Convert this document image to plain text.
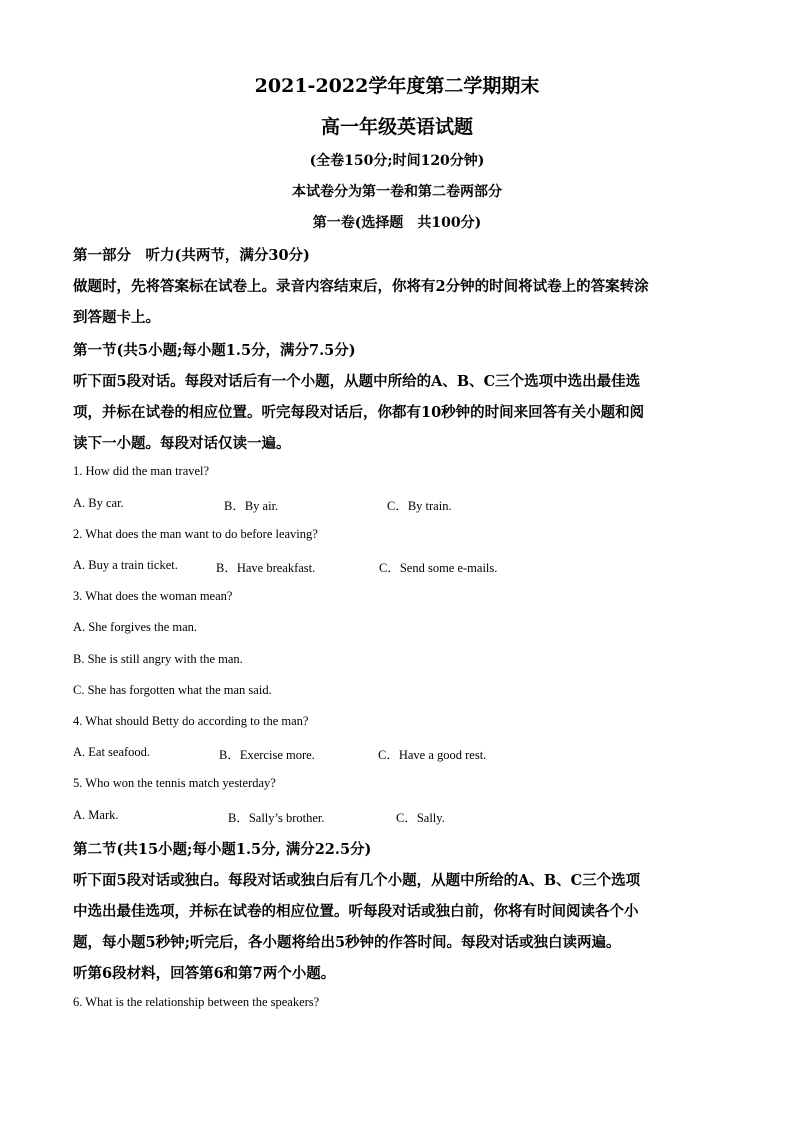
2021-2022学年度第二学期期末
高一年级英语试题
(全卷150分;时间120分钟)
本试卷分为第一卷和第二卷两部分
第一卷(选择题　共100分)
第一部分　听力(共两节，满分30分)
做题时，先将答案标在试卷上。录音内容结束后，你将有2分钟的时间将试卷上的答案转涂
到答题卡上。
第一节(共5小题;每小题1.5分，满分7.5分)
听下面5段对话。每段对话后有一个小题，从题中所给的A、B、C三个选项中选出最佳选
项，并标在试卷的相应位置。听完每段对话后，你都有10秒钟的时间来回答有关小题和阅
读下一小题。每段对话仅读一遍。
1. How did the man travel?
A. By car.	B．By air.	C．By train.
2. What does the man want to do before leaving?
A. Buy a train ticket.	B．Have breakfast.	C．Send some e-mails.
3. What does the woman mean?
A. She forgives the man.
B. She is still angry with the man.
C. She has forgotten what the man said.
4. What should Betty do according to the man?
A. Eat seafood.	B．Exercise more.	C．Have a good rest.
5. Who won the tennis match yesterday?
A. Mark.	B．Sally’s brother.	C．Sally.
第二节(共15小题;每小题1.5分, 满分22.5分)
听下面5段对话或独白。每段对话或独白后有几个小题，从题中所给的A、B、C三个选项
中选出最佳选项，并标在试卷的相应位置。听每段对话或独白前，你将有时间阅读各个小
题，每小题5秒钟;听完后，各小题将给出5秒钟的作答时间。每段对话或独白读两遍。
听第6段材料，回答第6和第7两个小题。
6. What is the relationship between the speakers?
